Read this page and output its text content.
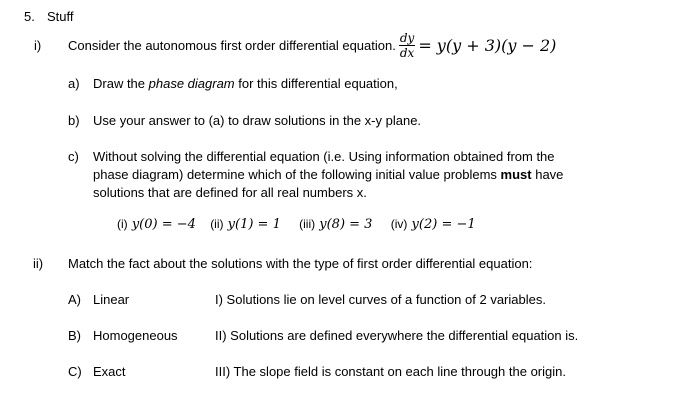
5. Stuff
i) Consider the autonomous first order differential equation. $\frac{dy}{dx} = y(y + 3)(y - 2)$
a) Draw the phase diagram for this differential equation,
b) Use your answer to (a) to draw solutions in the x-y plane.
c) Without solving the differential equation (i.e. Using information obtained from the
phase diagram) determine which of the following initial value problems must have
solutions that are defined for all real numbers x.
(i) y(0) = −4 (ii) y(1) = 1 (iii) y(8) = 3 (iv) y(2) = −1
ii) Match the fact about the solutions with the type of first order differential equation:
A) Linear
B) Homogeneous
C) Exact
I) Solutions lie on level curves of a function of 2 variables.
II) Solutions are defined everywhere the differential equation is.
III) The slope field is constant on each line through the origin.
